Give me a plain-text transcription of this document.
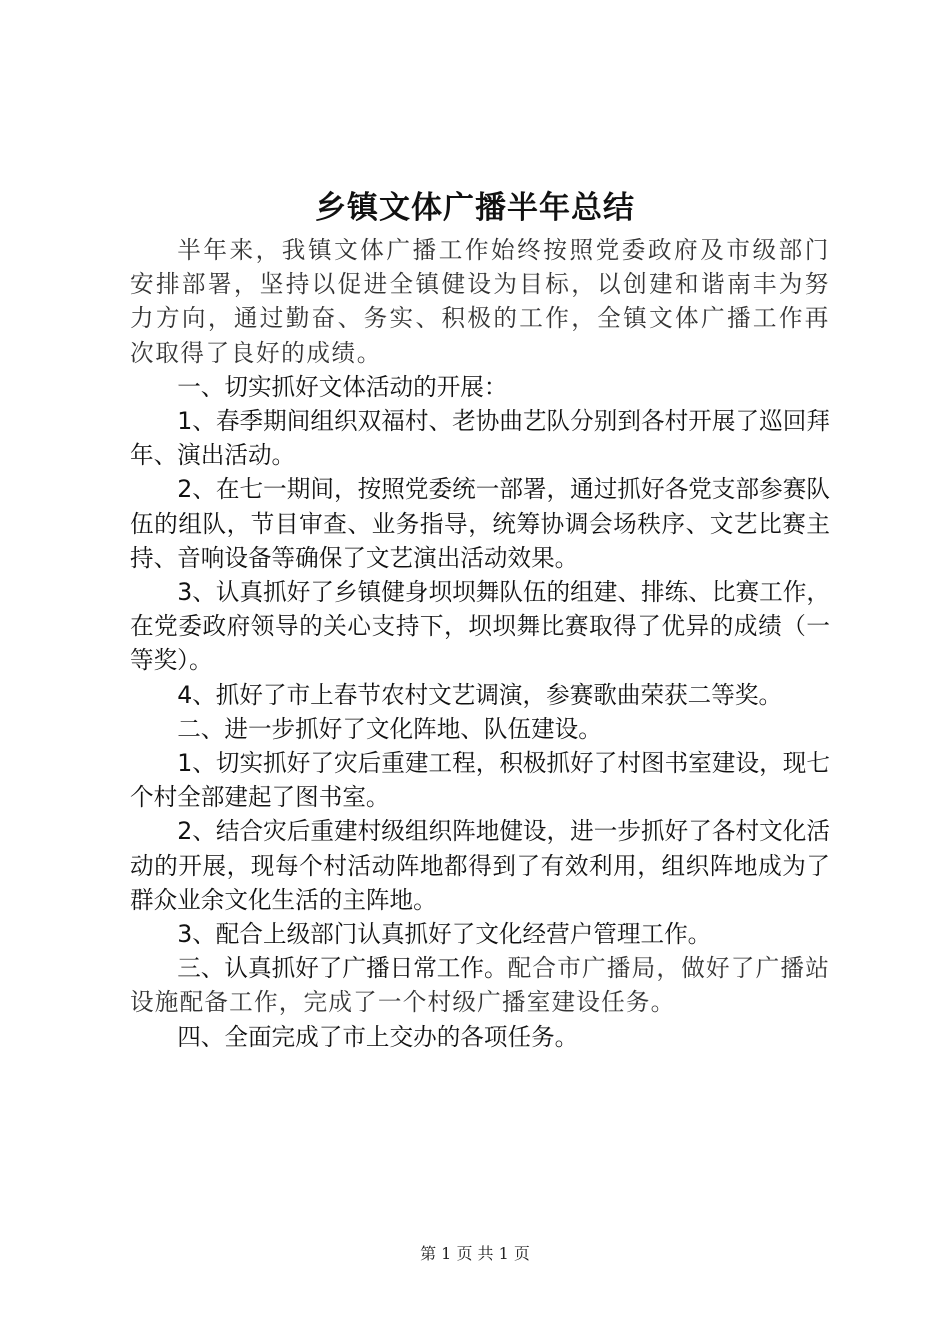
乡镇文体广播半年总结

半年来，我镇文体广播工作始终按照党委政府及市级部门安排部署，坚持以促进全镇健设为目标，以创建和谐南丰为努力方向，通过勤奋、务实、积极的工作，全镇文体广播工作再次取得了良好的成绩。

一、切实抓好文体活动的开展：

1、春季期间组织双福村、老协曲艺队分别到各村开展了巡回拜年、演出活动。

2、在七一期间，按照党委统一部署，通过抓好各党支部参赛队伍的组队，节目审查、业务指导，统筹协调会场秩序、文艺比赛主持、音响设备等确保了文艺演出活动效果。

3、认真抓好了乡镇健身坝坝舞队伍的组建、排练、比赛工作，在党委政府领导的关心支持下，坝坝舞比赛取得了优异的成绩（一等奖）。

4、抓好了市上春节农村文艺调演，参赛歌曲荣获二等奖。

二、进一步抓好了文化阵地、队伍建设。

1、切实抓好了灾后重建工程，积极抓好了村图书室建设，现七个村全部建起了图书室。

2、结合灾后重建村级组织阵地健设，进一步抓好了各村文化活动的开展，现每个村活动阵地都得到了有效利用，组织阵地成为了群众业余文化生活的主阵地。

3、配合上级部门认真抓好了文化经营户管理工作。

三、认真抓好了广播日常工作。配合市广播局，做好了广播站设施配备工作，完成了一个村级广播室建设任务。

四、全面完成了市上交办的各项任务。

第 1 页 共 1 页
